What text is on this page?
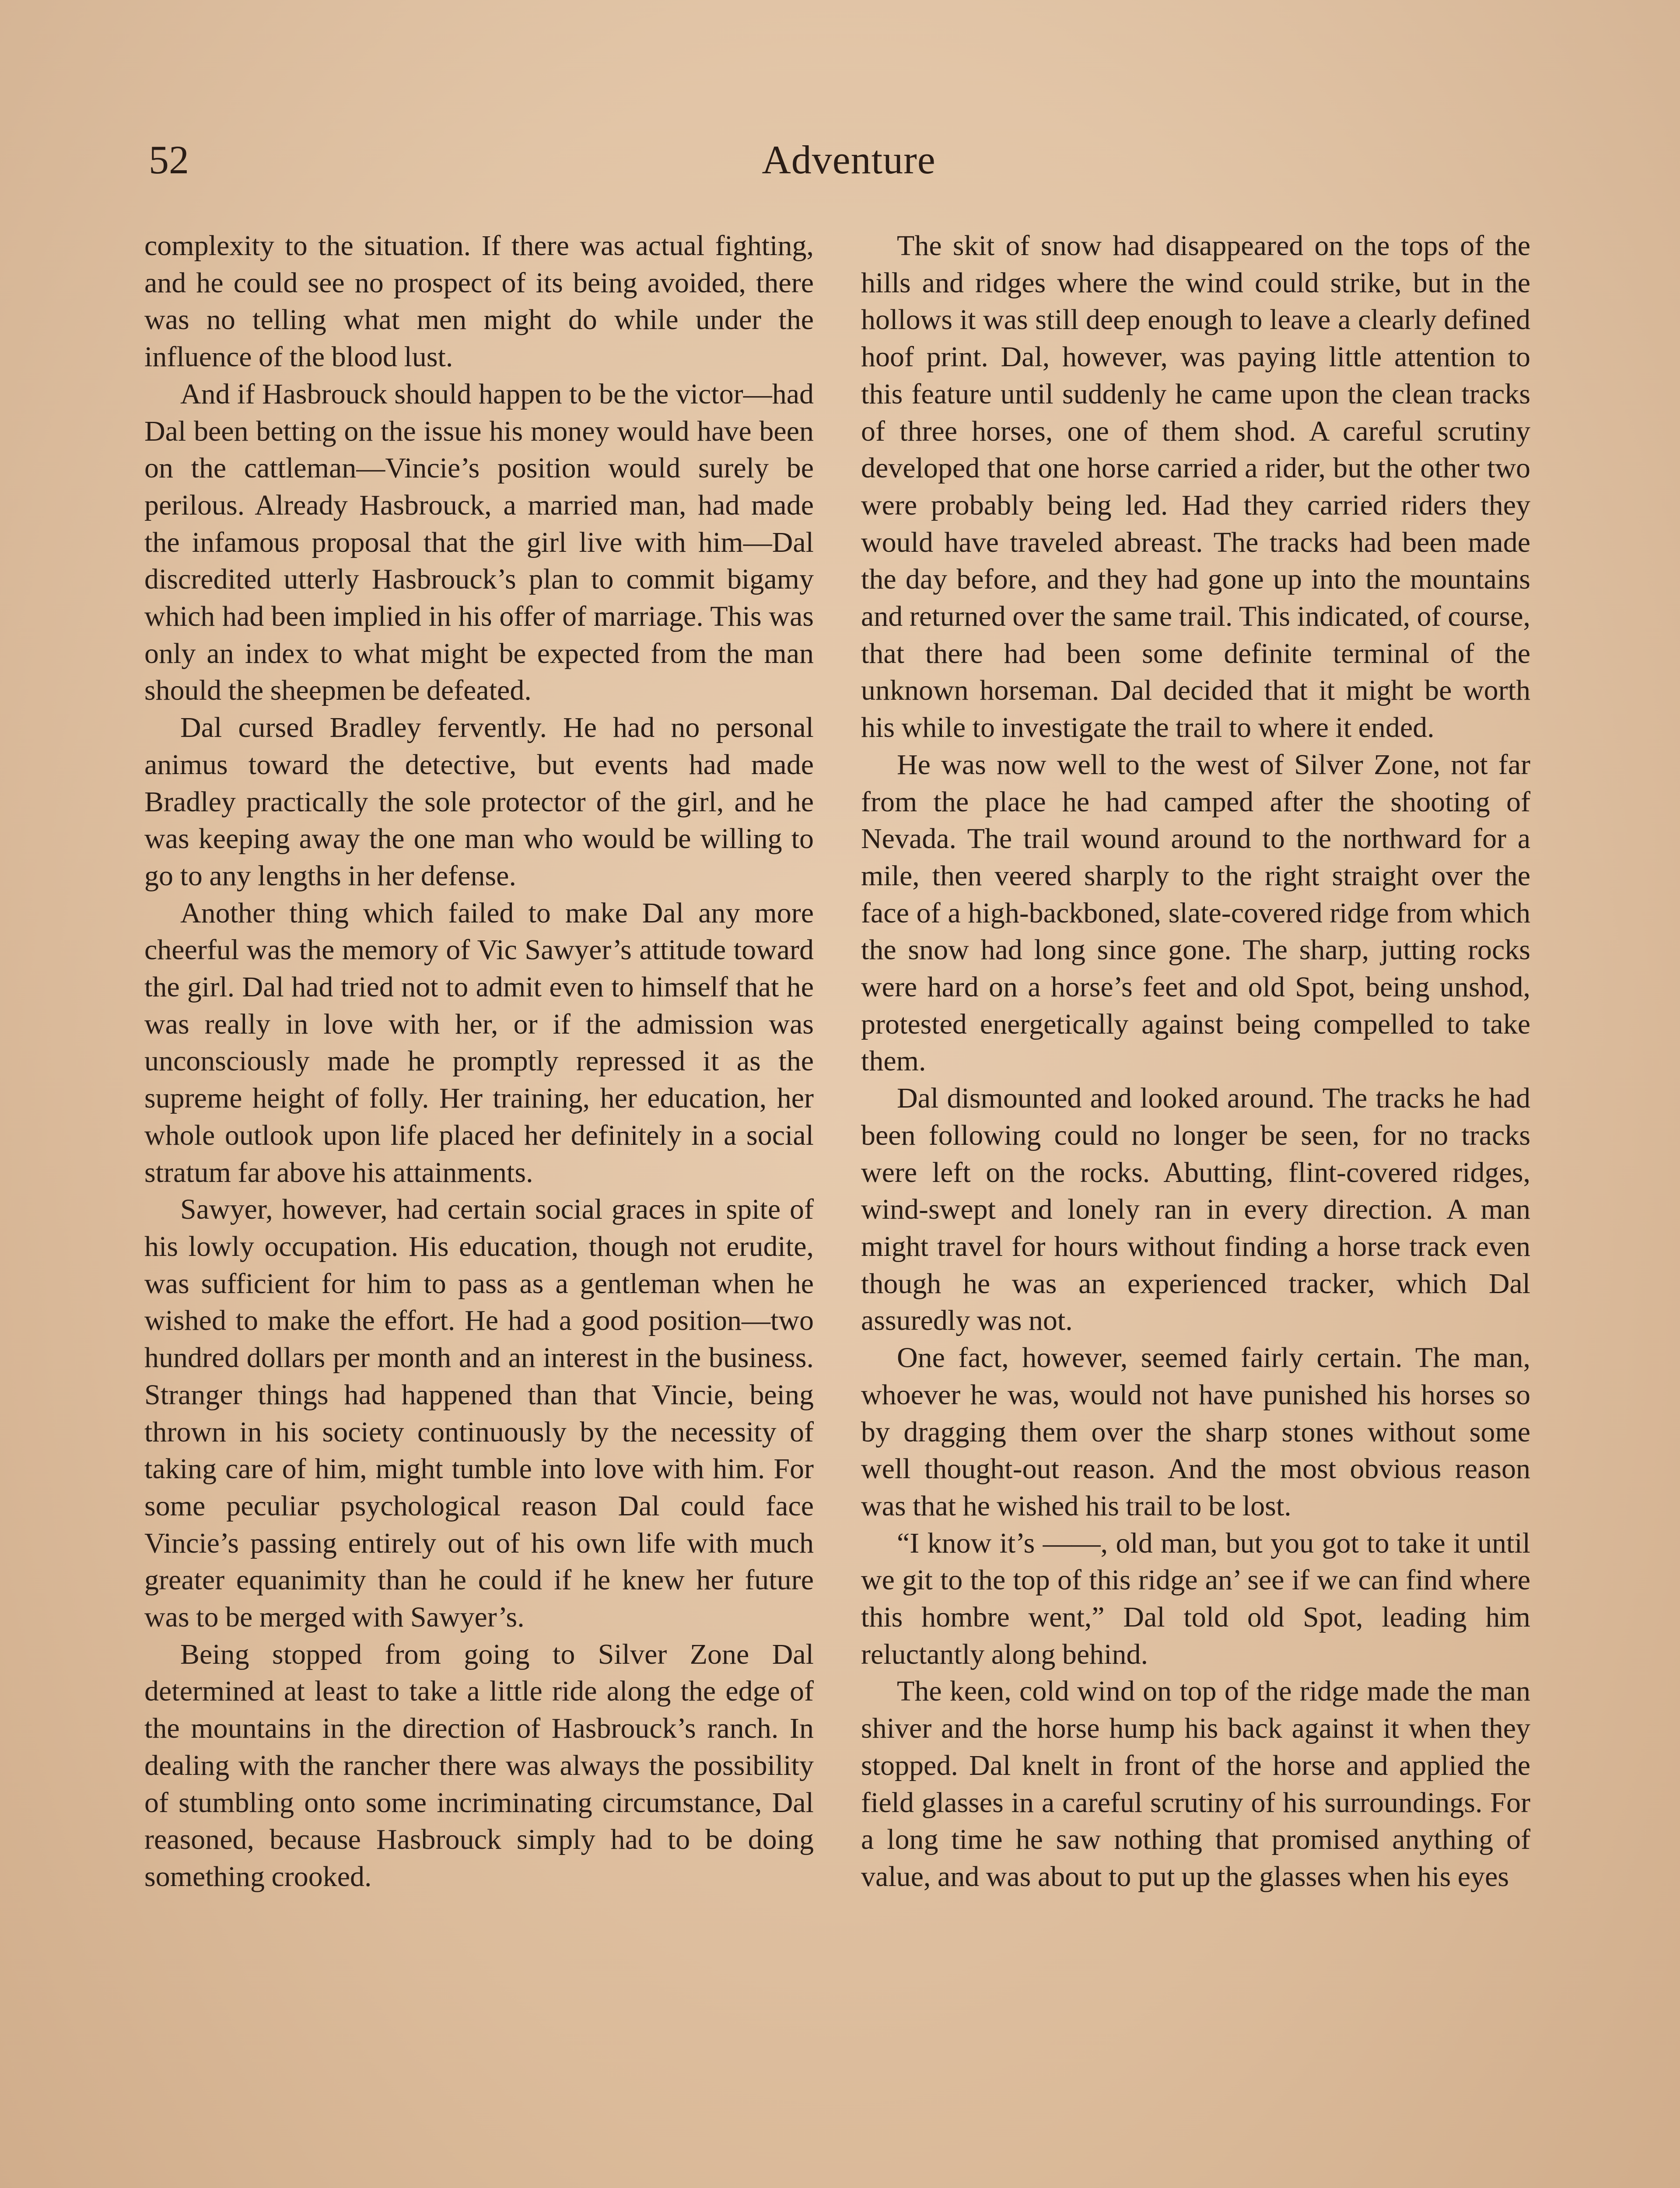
52	Adventure

complexity to the situation. If there was actual fighting, and he could see no prospect of its being avoided, there was no telling what men might do while under the influence of the blood lust.

And if Hasbrouck should happen to be the victor—had Dal been betting on the issue his money would have been on the cattleman—Vincie’s position would surely be perilous. Already Hasbrouck, a married man, had made the infamous proposal that the girl live with him—Dal discredited utterly Hasbrouck’s plan to commit bigamy which had been implied in his offer of marriage. This was only an index to what might be expected from the man should the sheepmen be defeated.

Dal cursed Bradley fervently. He had no personal animus toward the detective, but events had made Bradley practically the sole protector of the girl, and he was keeping away the one man who would be willing to go to any lengths in her defense.

Another thing which failed to make Dal any more cheerful was the memory of Vic Sawyer’s attitude toward the girl. Dal had tried not to admit even to himself that he was really in love with her, or if the admission was unconsciously made he promptly repressed it as the supreme height of folly. Her training, her education, her whole outlook upon life placed her definitely in a social stratum far above his attainments.

Sawyer, however, had certain social graces in spite of his lowly occupation. His education, though not erudite, was sufficient for him to pass as a gentleman when he wished to make the effort. He had a good position—two hundred dollars per month and an interest in the business. Stranger things had happened than that Vincie, being thrown in his society continuously by the necessity of taking care of him, might tumble into love with him. For some peculiar psychological reason Dal could face Vincie’s passing entirely out of his own life with much greater equanimity than he could if he knew her future was to be merged with Sawyer’s.

Being stopped from going to Silver Zone Dal determined at least to take a little ride along the edge of the mountains in the direction of Hasbrouck’s ranch. In dealing with the rancher there was always the possibility of stumbling onto some incriminating circumstance, Dal reasoned, because Hasbrouck simply had to be doing something crooked.

The skit of snow had disappeared on the tops of the hills and ridges where the wind could strike, but in the hollows it was still deep enough to leave a clearly defined hoof print. Dal, however, was paying little attention to this feature until suddenly he came upon the clean tracks of three horses, one of them shod. A careful scrutiny developed that one horse carried a rider, but the other two were probably being led. Had they carried riders they would have traveled abreast. The tracks had been made the day before, and they had gone up into the mountains and returned over the same trail. This indicated, of course, that there had been some definite terminal of the unknown horseman. Dal decided that it might be worth his while to investigate the trail to where it ended.

He was now well to the west of Silver Zone, not far from the place he had camped after the shooting of Nevada. The trail wound around to the northward for a mile, then veered sharply to the right straight over the face of a high-backboned, slate-covered ridge from which the snow had long since gone. The sharp, jutting rocks were hard on a horse’s feet and old Spot, being unshod, protested energetically against being compelled to take them.

Dal dismounted and looked around. The tracks he had been following could no longer be seen, for no tracks were left on the rocks. Abutting, flint-covered ridges, wind-swept and lonely ran in every direction. A man might travel for hours without finding a horse track even though he was an experienced tracker, which Dal assuredly was not.

One fact, however, seemed fairly certain. The man, whoever he was, would not have punished his horses so by dragging them over the sharp stones without some well thought-out reason. And the most obvious reason was that he wished his trail to be lost.

“I know it’s ——, old man, but you got to take it until we git to the top of this ridge an’ see if we can find where this hombre went,” Dal told old Spot, leading him reluctantly along behind.

The keen, cold wind on top of the ridge made the man shiver and the horse hump his back against it when they stopped. Dal knelt in front of the horse and applied the field glasses in a careful scrutiny of his surroundings. For a long time he saw nothing that promised anything of value, and was about to put up the glasses when his eyes
